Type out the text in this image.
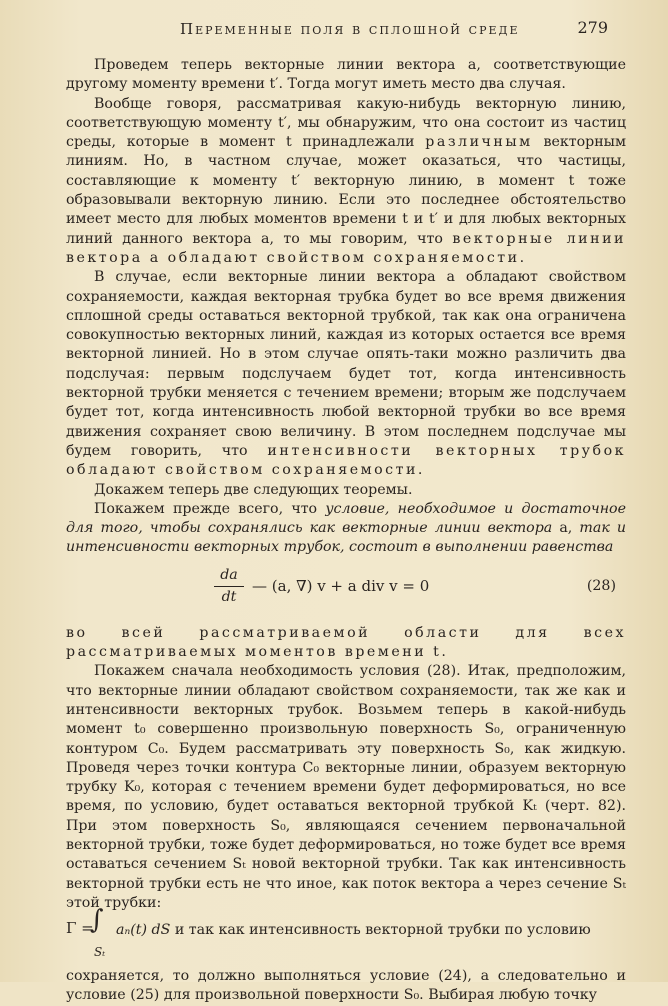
Переменные поля в сплошной среде	279

Проведем теперь векторные линии вектора a, соответствующие другому моменту времени t′. Тогда могут иметь место два случая.

Вообще говоря, рассматривая какую-нибудь векторную линию, соответствующую моменту t′, мы обнаружим, что она состоит из частиц среды, которые в момент t принадлежали различным векторным линиям. Но, в частном случае, может оказаться, что частицы, составляющие к моменту t′ векторную линию, в момент t тоже образовывали векторную линию. Если это последнее обстоятельство имеет место для любых моментов времени t и t′ и для любых векторных линий данного вектора a, то мы говорим, что векторные линии вектора a обладают свойством сохраняемости.

В случае, если векторные линии вектора a обладают свойством сохраняемости, каждая векторная трубка будет во все время движения сплошной среды оставаться векторной трубкой, так как она ограничена совокупностью векторных линий, каждая из которых остается все время векторной линией. Но в этом случае опять-таки можно различить два подслучая: первым подслучаем будет тот, когда интенсивность векторной трубки меняется с течением времени; вторым же подслучаем будет тот, когда интенсивность любой векторной трубки во все время движения сохраняет свою величину. В этом последнем подслучае мы будем говорить, что интенсивности векторных трубок обладают свойством сохраняемости.

Докажем теперь две следующих теоремы.

Покажем прежде всего, что условие, необходимое и достаточное для того, чтобы сохранялись как векторные линии вектора a, так и интенсивности векторных трубок, состоит в выполнении равенства

$\frac{da}{dt}$ — (a, ∇) v + a div v = 0	(28)

во всей рассматриваемой области для всех рассматриваемых моментов времени t.

Покажем сначала необходимость условия (28). Итак, предположим, что векторные линии обладают свойством сохраняемости, так же как и интенсивности векторных трубок. Возьмем теперь в какой-нибудь момент t₀ совершенно произвольную поверхность S₀, ограниченную контуром C₀. Будем рассматривать эту поверхность S₀, как жидкую. Проведя через точки контура C₀ векторные линии, образуем векторную трубку K₀, которая с течением времени будет деформироваться, но все время, по условию, будет оставаться векторной трубкой Kₜ (черт. 82). При этом поверхность S₀, являющаяся сечением первоначальной векторной трубки, тоже будет деформироваться, но тоже будет все время оставаться сечением Sₜ новой векторной трубки. Так как интенсивность векторной трубки есть не что иное, как поток вектора a через сечение Sₜ этой трубки:

Γ =
∫
Sₜ
aₙ(t) dS и так как интенсивность векторной трубки по условию

сохраняется, то должно выполняться условие (24), а следовательно и условие (25) для произвольной поверхности S₀. Выбирая любую точку
